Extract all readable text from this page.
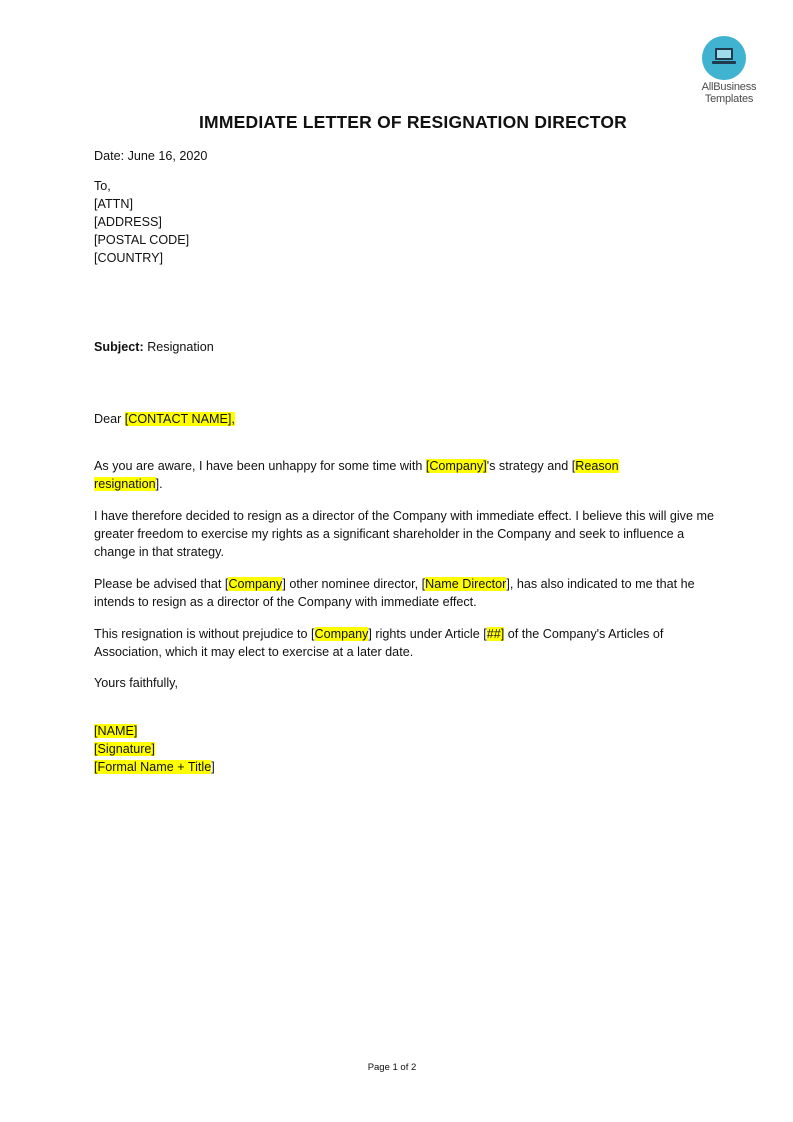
AllBusiness
Templates
IMMEDIATE LETTER OF RESIGNATION DIRECTOR
Date: June 16, 2020
To,
[ATTN]
[ADDRESS]
[POSTAL CODE]
[COUNTRY]
Subject: Resignation
Dear [CONTACT NAME],
As you are aware, I have been unhappy for some time with [Company]'s strategy and [Reason resignation].
I have therefore decided to resign as a director of the Company with immediate effect. I believe this will give me greater freedom to exercise my rights as a significant shareholder in the Company and seek to influence a change in that strategy.
Please be advised that [Company] other nominee director, [Name Director], has also indicated to me that he intends to resign as a director of the Company with immediate effect.
This resignation is without prejudice to [Company] rights under Article [##] of the Company's Articles of Association, which it may elect to exercise at a later date.
Yours faithfully,
[NAME]
[Signature]
[Formal Name + Title]
Page 1 of 2
